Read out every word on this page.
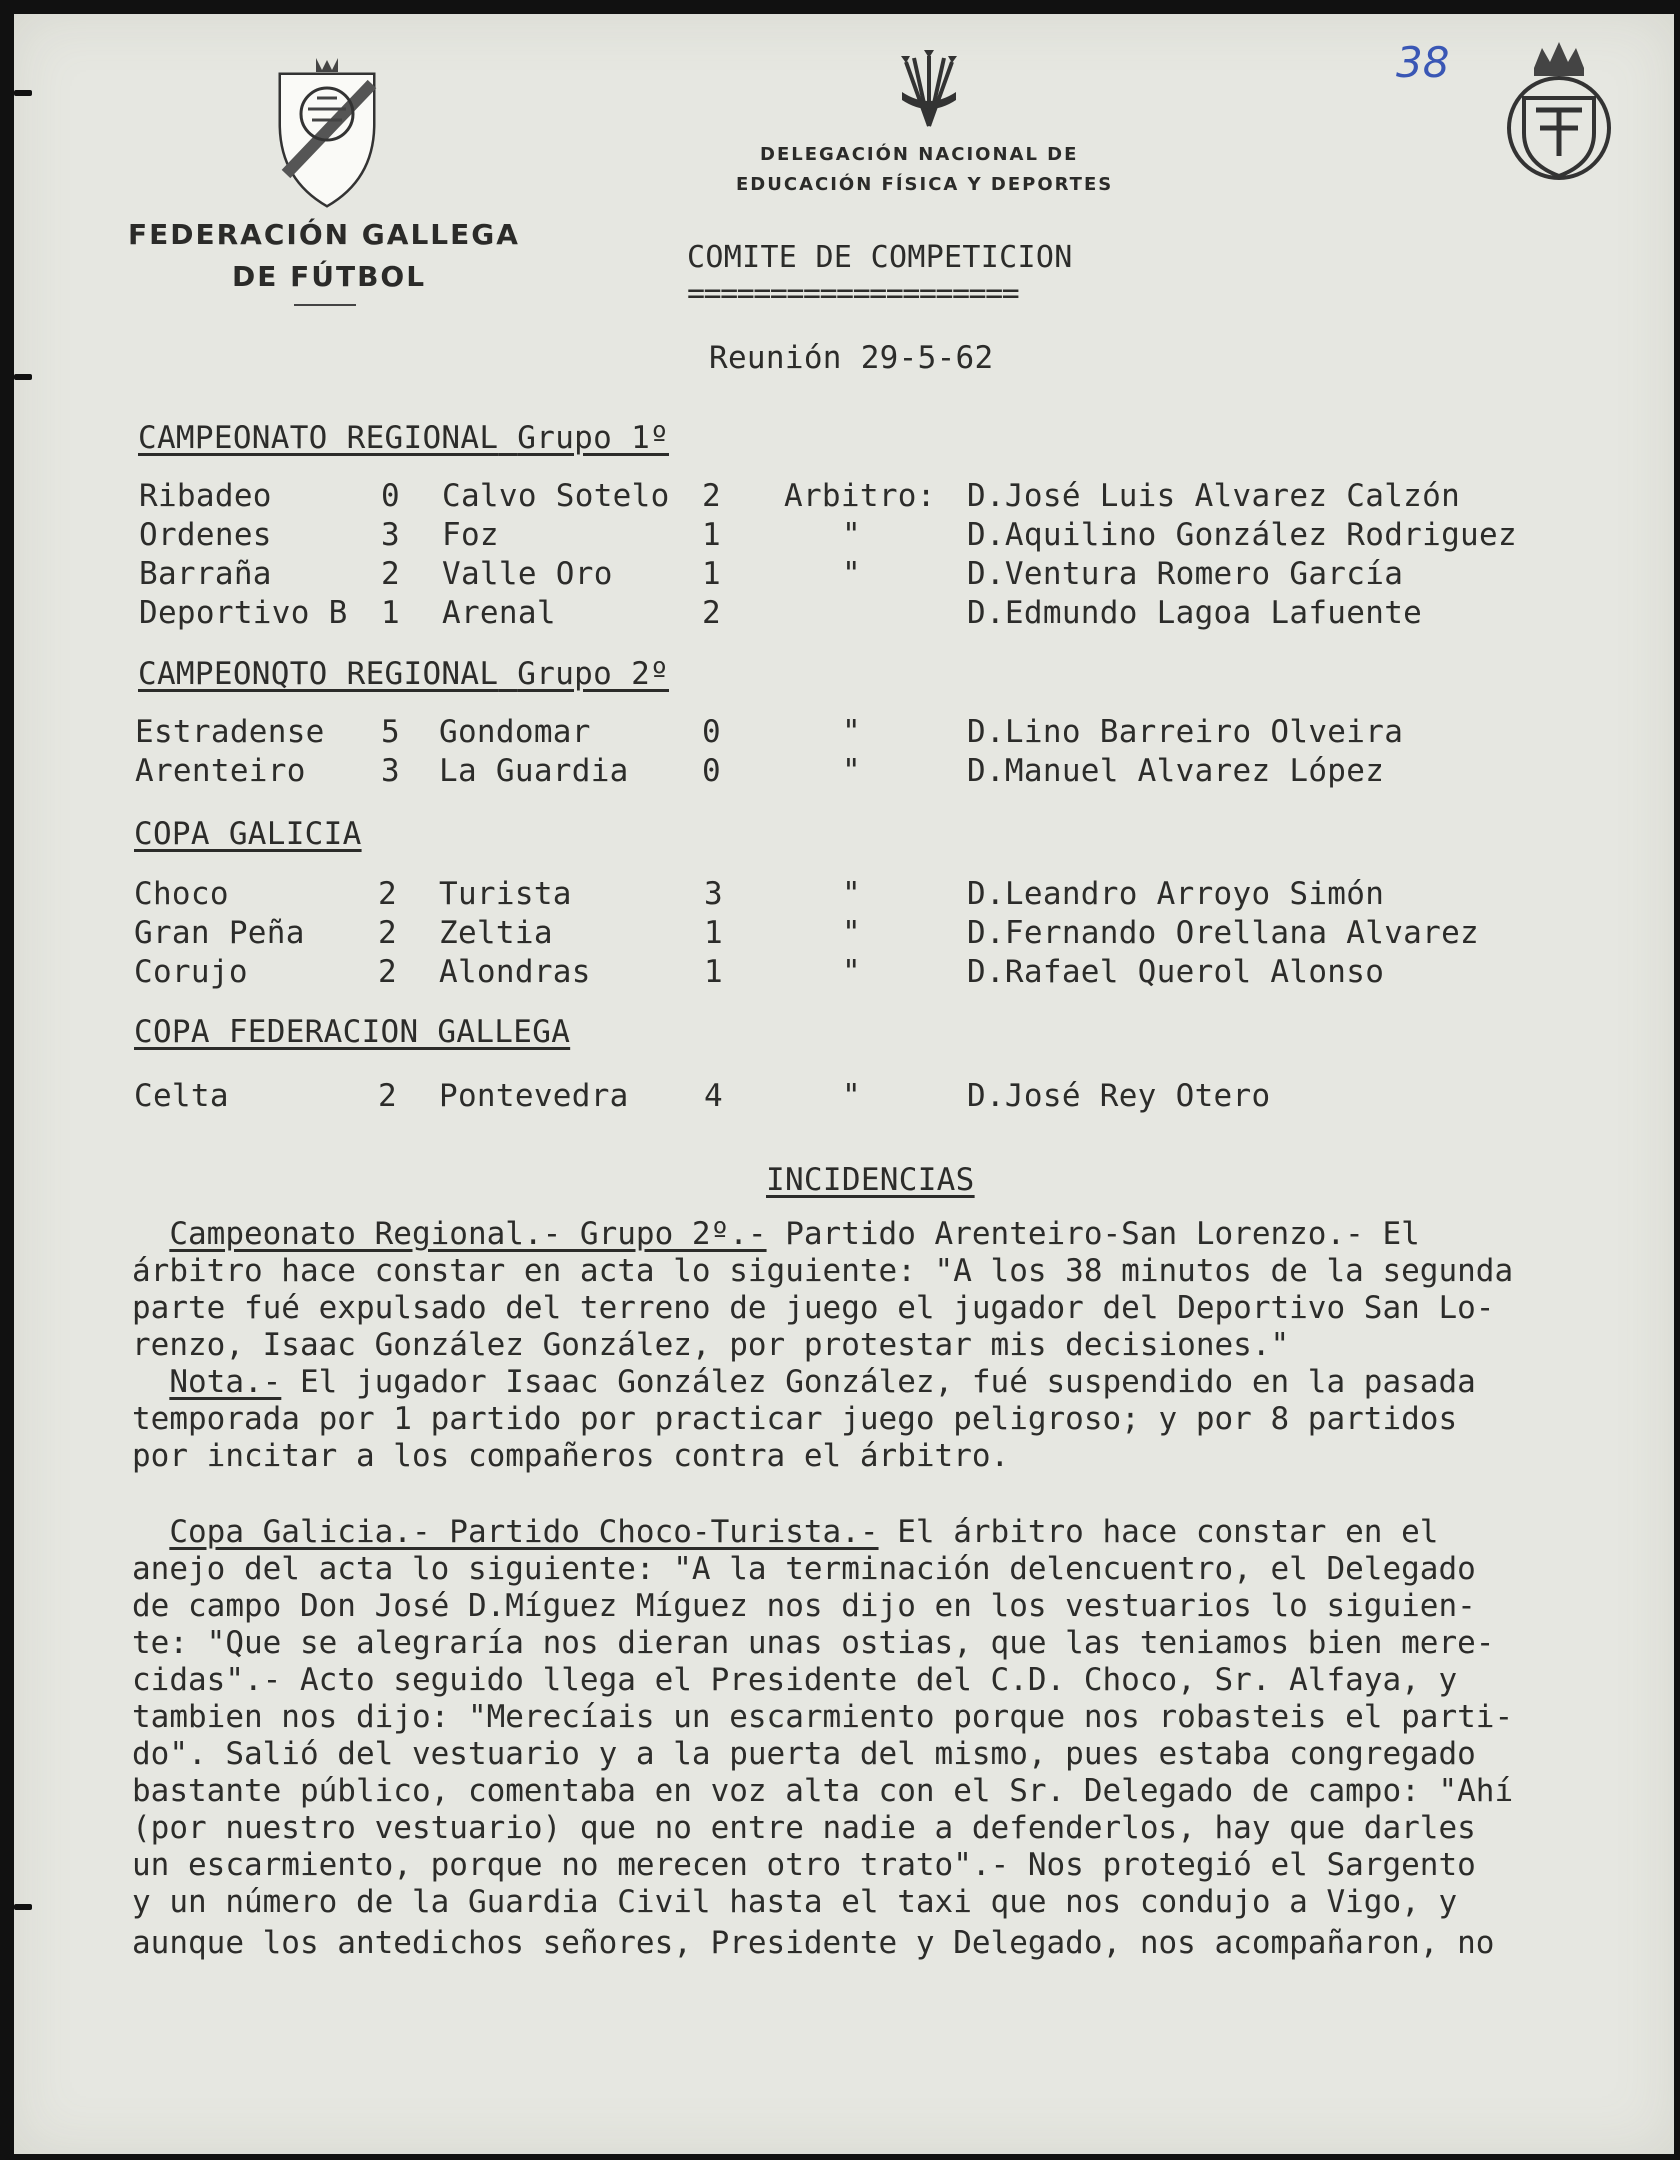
38
FEDERACIÓN GALLEGA
DE FÚTBOL
DELEGACIÓN NACIONAL DE
EDUCACIÓN FÍSICA Y DEPORTES
COMITE DE COMPETICION
====================
Reunión 29-5-62
CAMPEONATO REGIONAL Grupo 1º
Ribadeo	0 Calvo Sotelo 2 Arbitro: D.José Luis Alvarez Calzón
Ordenes	3 Foz	1	"	D.Aquilino González Rodriguez
Barraña	2 Valle Oro	1	"	D.Ventura Romero García
Deportivo B 1 Arenal	2	D.Edmundo Lagoa Lafuente
CAMPEONQTO REGIONAL Grupo 2º
Estradense 5 Gondomar	0	"	D.Lino Barreiro Olveira
Arenteiro 3 La Guardia 0	"	D.Manuel Alvarez López
COPA GALICIA
Choco	2 Turista	3	"	D.Leandro Arroyo Simón
Gran Peña 2 Zeltia	1	"	D.Fernando Orellana Alvarez
Corujo	2 Alondras	1	"	D.Rafael Querol Alonso
COPA FEDERACION GALLEGA
Celta	2 Pontevedra 4	"	D.José Rey Otero
INCIDENCIAS

Campeonato Regional.- Grupo 2º.- Partido Arenteiro-San Lorenzo.- El

árbitro hace constar en acta lo siguiente: "A los 38 minutos de la segunda

parte fué expulsado del terreno de juego el jugador del Deportivo San Lo-

renzo, Isaac González González, por protestar mis decisiones."

Nota.- El jugador Isaac González González, fué suspendido en la pasada

temporada por 1 partido por practicar juego peligroso; y por 8 partidos

por incitar a los compañeros contra el árbitro.

Copa Galicia.- Partido Choco-Turista.- El árbitro hace constar en el

anejo del acta lo siguiente: "A la terminación delencuentro, el Delegado

de campo Don José D.Míguez Míguez nos dijo en los vestuarios lo siguien-

te: "Que se alegraría nos dieran unas ostias, que las teniamos bien mere-

cidas".- Acto seguido llega el Presidente del C.D. Choco, Sr. Alfaya, y

tambien nos dijo: "Merecíais un escarmiento porque nos robasteis el parti-

do". Salió del vestuario y a la puerta del mismo, pues estaba congregado

bastante público, comentaba en voz alta con el Sr. Delegado de campo: "Ahí

(por nuestro vestuario) que no entre nadie a defenderlos, hay que darles

un escarmiento, porque no merecen otro trato".- Nos protegió el Sargento

y un número de la Guardia Civil hasta el taxi que nos condujo a Vigo, y

aunque los antedichos señores, Presidente y Delegado, nos acompañaron, no
